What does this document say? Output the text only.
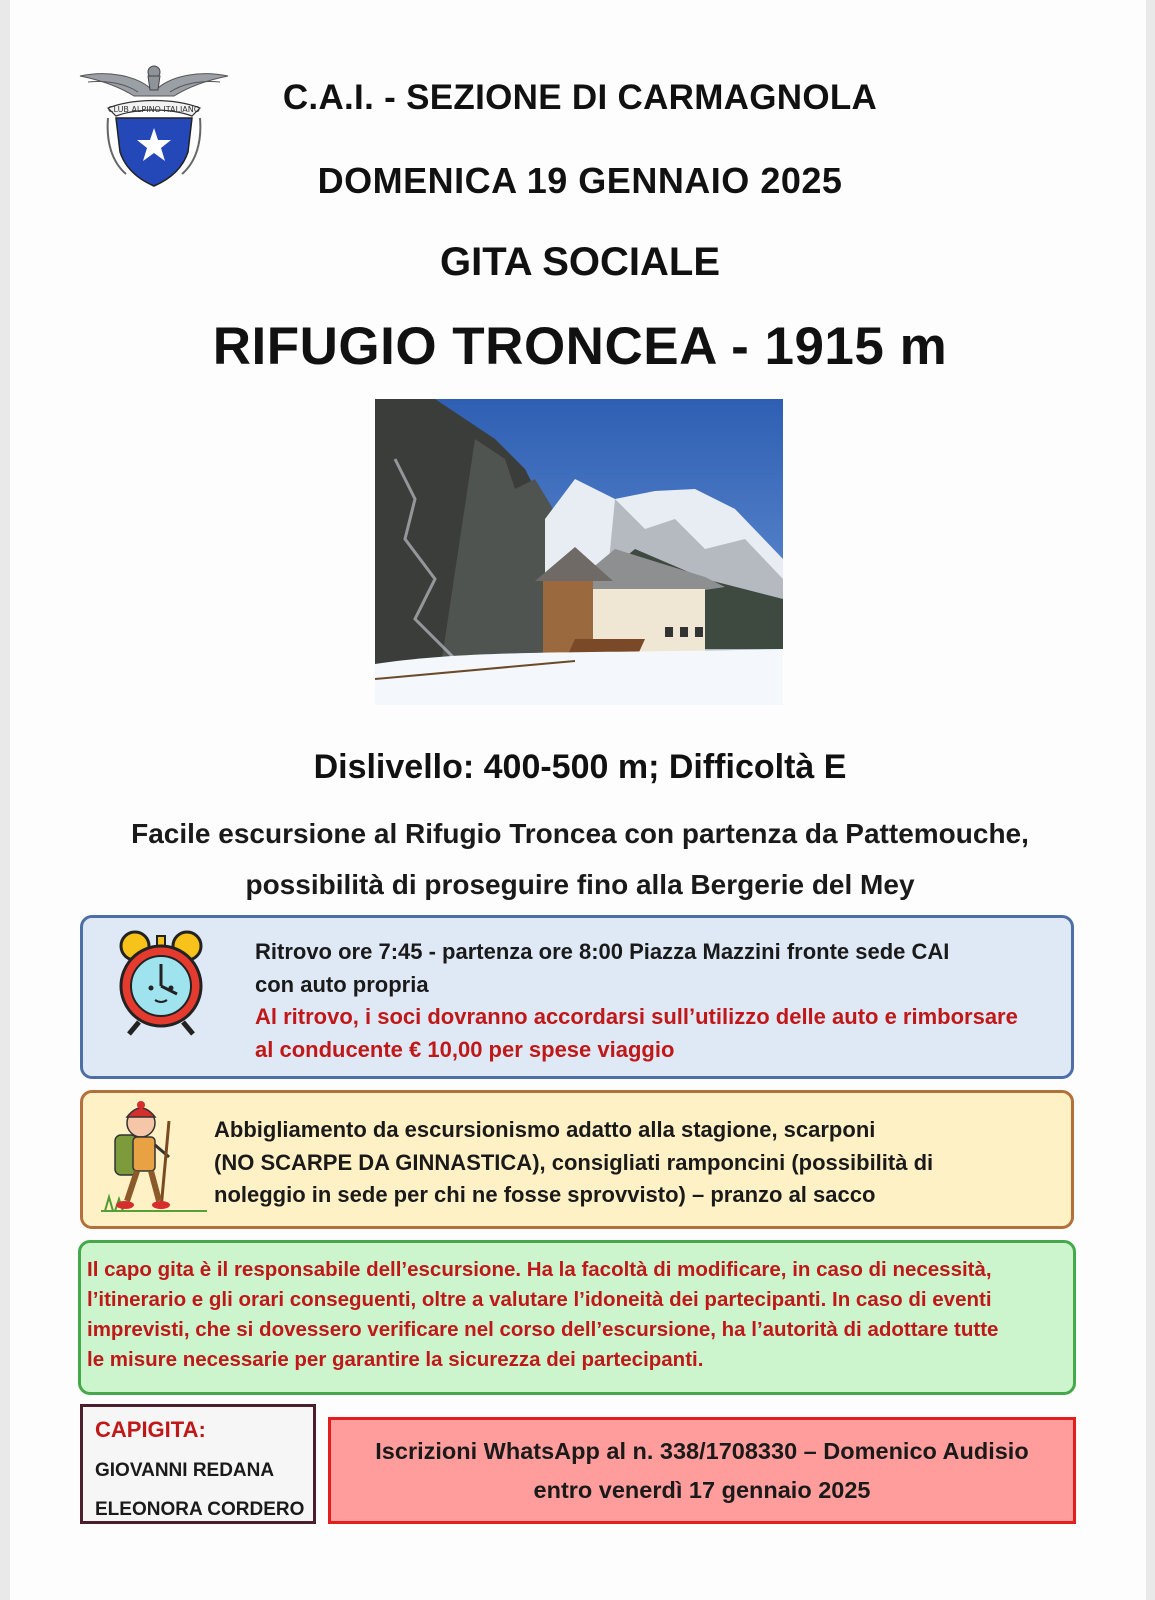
CLUB ALPINO ITALIANO	C.A.I. - SEZIONE DI CARMAGNOLA
DOMENICA 19 GENNAIO 2025
GITA SOCIALE
RIFUGIO TRONCEA - 1915 m
Dislivello: 400-500 m; Difficoltà E
Facile escursione al Rifugio Troncea con partenza da Pattemouche,
possibilità di proseguire fino alla Bergerie del Mey
Ritrovo ore 7:45 - partenza ore 8:00 Piazza Mazzini fronte sede CAI
con auto propria
Al ritrovo, i soci dovranno accordarsi sull’utilizzo delle auto e rimborsare
al conducente € 10,00 per spese viaggio
Abbigliamento da escursionismo adatto alla stagione, scarponi
(NO SCARPE DA GINNASTICA), consigliati ramponcini (possibilità di
noleggio in sede per chi ne fosse sprovvisto) – pranzo al sacco
Il capo gita è il responsabile dell’escursione. Ha la facoltà di modificare, in caso di necessità,
l’itinerario e gli orari conseguenti, oltre a valutare l’idoneità dei partecipanti. In caso di eventi
imprevisti, che si dovessero verificare nel corso dell’escursione, ha l’autorità di adottare tutte
le misure necessarie per garantire la sicurezza dei partecipanti.
CAPIGITA:
GIOVANNI REDANA
ELEONORA CORDERO
Iscrizioni WhatsApp al n. 338/1708330 – Domenico Audisio
entro venerdì 17 gennaio 2025
